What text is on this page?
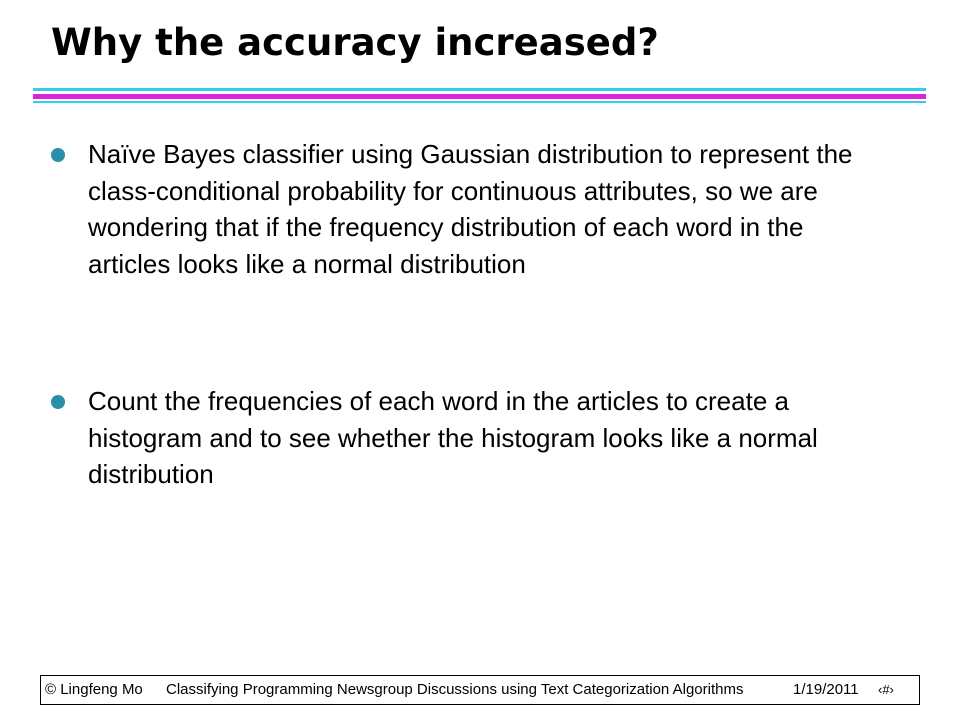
Why the accuracy increased?
Naïve Bayes classifier using Gaussian distribution to represent the class-conditional probability for continuous attributes, so we are wondering that if the frequency distribution of each word in the articles looks like a normal distribution
Count the frequencies of each word in the articles to create a histogram and to see whether the histogram looks like a normal distribution
© Lingfeng Mo Classifying Programming Newsgroup Discussions using Text Categorization Algorithms	1/19/2011 ‹#›
